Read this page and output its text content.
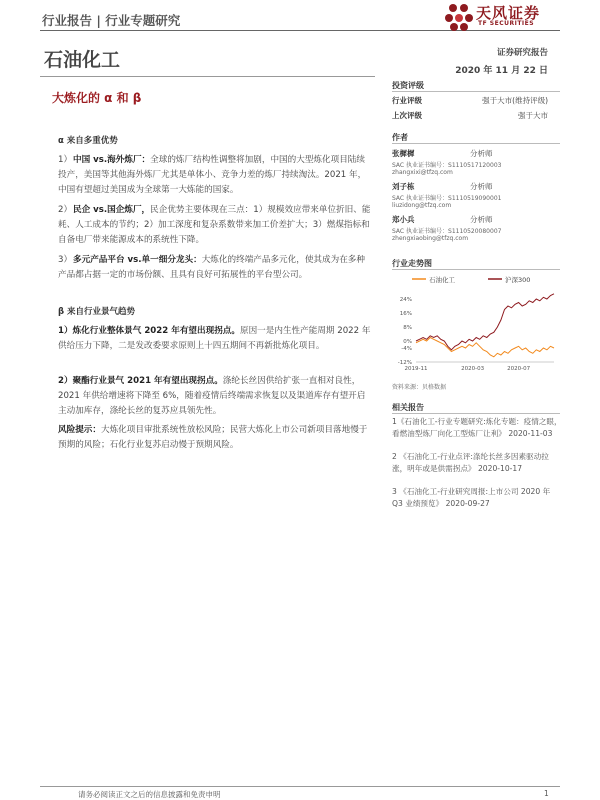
行业报告 | 行业专题研究	天风证券
TF SECURITIES
石油化工	证券研究报告
2020 年 11 月 22 日
大炼化的 α 和 β
α 来自多重优势
1）中国 vs.海外炼厂：全球的炼厂结构性调整将加剧，中国的大型炼化项目陆续投产，美国等其他海外炼厂尤其是单体小、竞争力差的炼厂持续淘汰。2021 年，中国有望超过美国成为全球第一大炼能的国家。
2）民企 vs.国企炼厂，民企优势主要体现在三点：1）规模效应带来单位折旧、能耗、人工成本的节约；2）加工深度和复杂系数带来加工价差扩大；3）燃煤指标和自备电厂带来能源成本的系统性下降。
3）多元产品平台 vs.单一细分龙头：大炼化的终端产品多元化，使其成为在多种产品都占据一定的市场份额、且具有良好可拓展性的平台型公司。
β 来自行业景气趋势
1）炼化行业整体景气 2022 年有望出现拐点。原因一是内生性产能周期 2022 年供给压力下降，二是发改委要求原则上十四五期间不再新批炼化项目。
2）聚酯行业景气 2021 年有望出现拐点。涤纶长丝因供给扩张一直相对良性，2021 年供给增速将下降至 6%，随着疫情后终端需求恢复以及渠道库存有望开启主动加库存，涤纶长丝的复苏应具领先性。
风险提示：大炼化项目审批系统性放松风险；民营大炼化上市公司新项目落地慢于预期的风险；石化行业复苏启动慢于预期风险。
投资评级
行业评级	强于大市(维持评级)
上次评级	强于大市
作者
张樨樨	分析师
SAC 执业证书编号：S1110517120003
zhangxixi@tfzq.com
刘子栋	分析师
SAC 执业证书编号：S1110519090001
liuzidong@tfzq.com
郑小兵	分析师
SAC 执业证书编号：S1110520080007
zhengxiaobing@tfzq.com
行业走势图
石油化工	沪深300
24%
16%
8%
0%
-4%
-12%
2019-11	2020-03	2020-07
资料来源：贝格数据
相关报告
1《石油化工-行业专题研究:炼化专题：疫情之眼，看燃油型炼厂向化工型炼厂让利》 2020-11-03
2 《石油化工-行业点评:涤纶长丝多因素驱动拉涨，明年或是供需拐点》 2020-10-17
3 《石油化工-行业研究周报:上市公司 2020 年 Q3 业绩预览》 2020-09-27
请务必阅读正文之后的信息披露和免责申明	1
